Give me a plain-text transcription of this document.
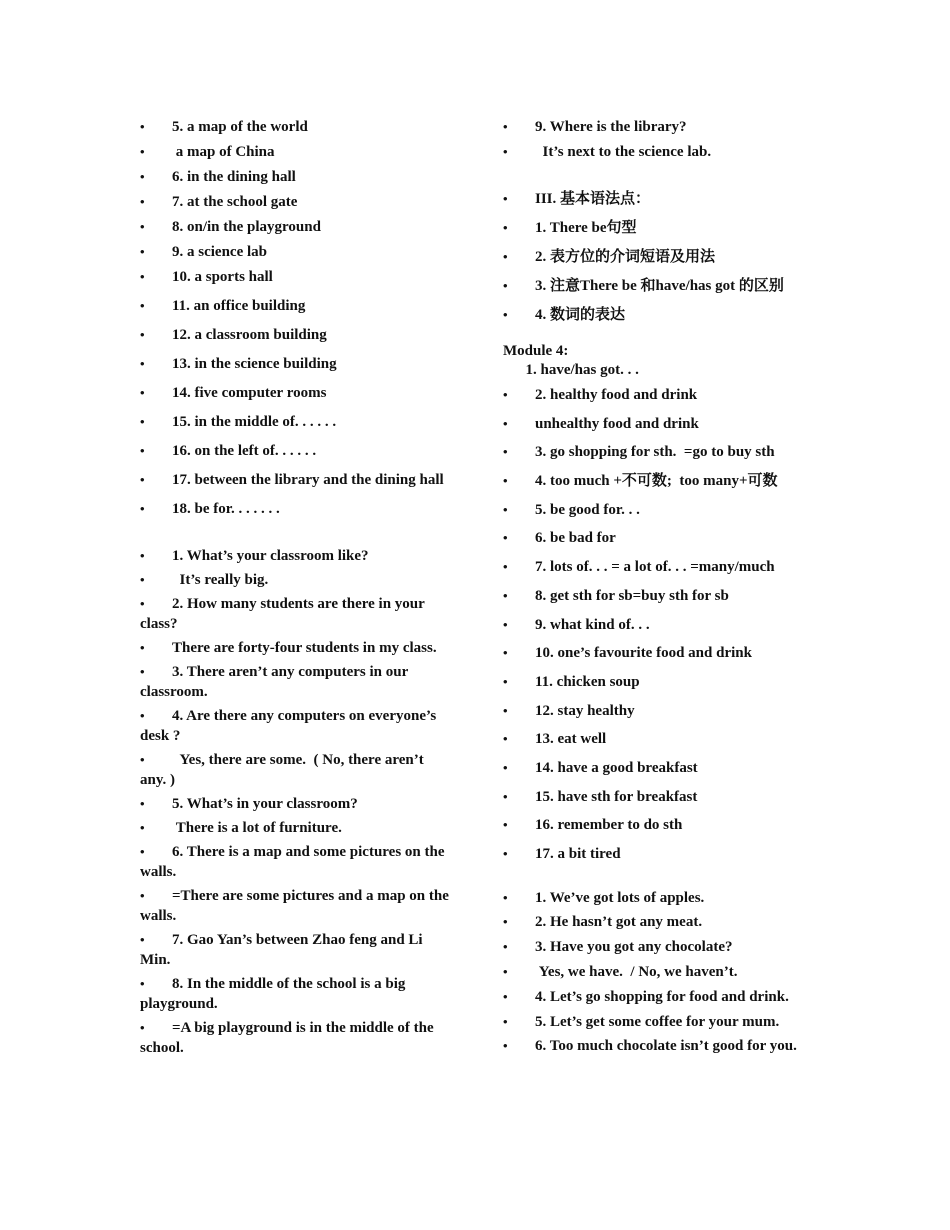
•	5. a map of the world
•	a map of China
•	6. in the dining hall
•	7. at the school gate
•	8. on/in the playground
•	9. a science lab
•	10. a sports hall
•	11. an office building
•	12. a classroom building
•	13. in the science building
•	14. five computer rooms
•	15. in the middle of. . . . . .
•	16. on the left of. . . . . .
•	17. between the library and the dining hall
•	18. be for. . . . . . .
•	1. What’s your classroom like?
•	It’s really big.
•	2. How many students are there in your class?
•	There are forty-four students in my class.
•	3. There aren’t any computers in our classroom.
•	4. Are there any computers on everyone’s desk ?
•	Yes, there are some.  ( No, there aren’t any. )
•	5. What’s in your classroom?
•	There is a lot of furniture.
•	6. There is a map and some pictures on the walls.
•	=There are some pictures and a map on the walls.
•	7. Gao Yan’s between Zhao feng and Li Min.
•	8. In the middle of the school is a big playground.
•	=A big playground is in the middle of the school.
•	9. Where is the library?
•	It’s next to the science lab.
•	III. 基本语法点：
•	1. There be句型
•	2. 表方位的介词短语及用法
•	3. 注意There be 和have/has got 的区别
•	4. 数词的表达
Module 4:
1. have/has got. . .
•	2. healthy food and drink
•	unhealthy food and drink
•	3. go shopping for sth.  =go to buy sth
•	4. too much +不可数;  too many+可数
•	5. be good for. . .
•	6. be bad for
•	7. lots of. . . = a lot of. . . =many/much
•	8. get sth for sb=buy sth for sb
•	9. what kind of. . .
•	10. one’s favourite food and drink
•	11. chicken soup
•	12. stay healthy
•	13. eat well
•	14. have a good breakfast
•	15. have sth for breakfast
•	16. remember to do sth
•	17. a bit tired
•	1. We’ve got lots of apples.
•	2. He hasn’t got any meat.
•	3. Have you got any chocolate?
•	Yes, we have.  / No, we haven’t.
•	4. Let’s go shopping for food and drink.
•	5. Let’s get some coffee for your mum.
•	6. Too much chocolate isn’t good for you.
